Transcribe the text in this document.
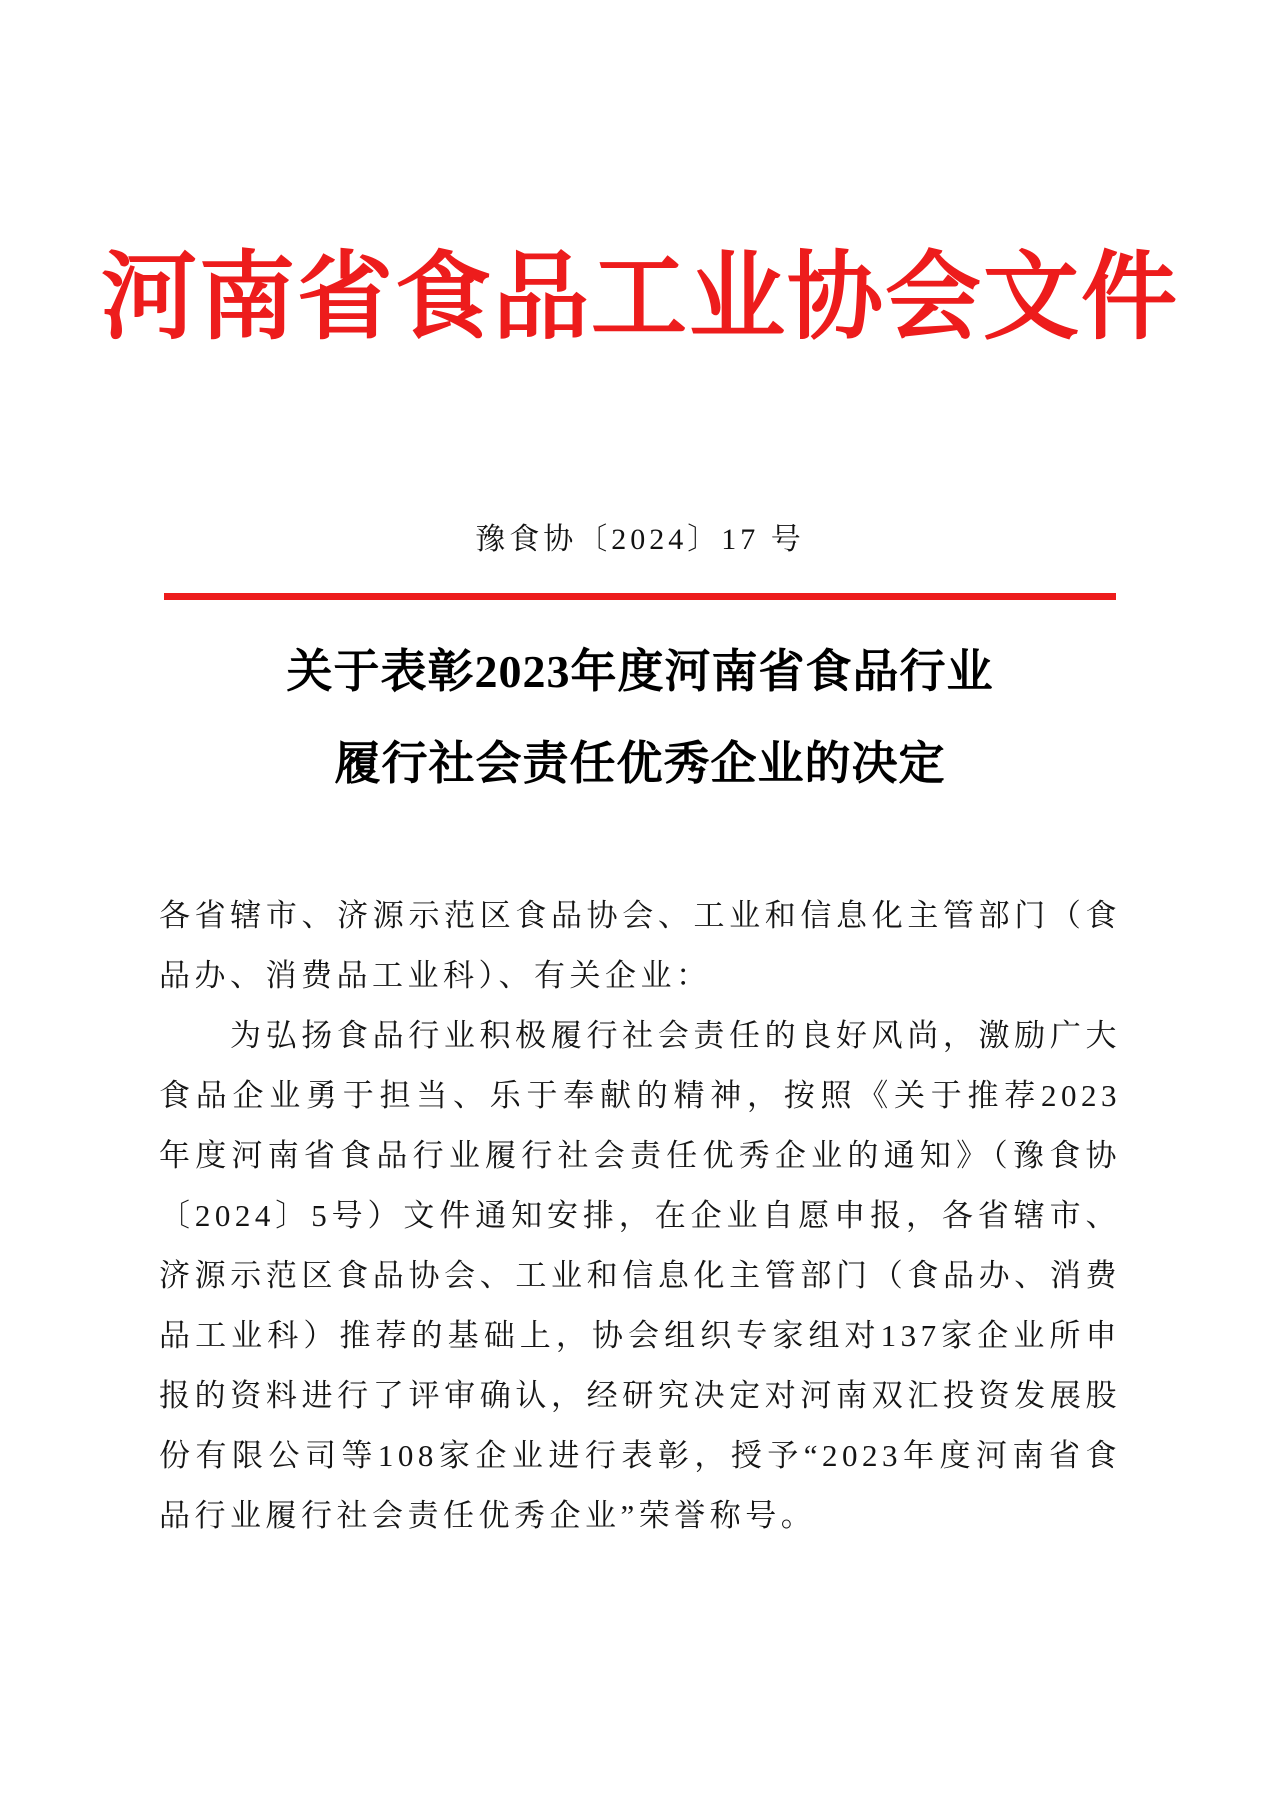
河南省食品工业协会文件
豫食协〔2024〕17 号
关于表彰2023年度河南省食品行业
履行社会责任优秀企业的决定

各省辖市、济源示范区食品协会、工业和信息化主管部门（食品办、消费品工业科）、有关企业：

为弘扬食品行业积极履行社会责任的良好风尚，激励广大食品企业勇于担当、乐于奉献的精神，按照《关于推荐2023年度河南省食品行业履行社会责任优秀企业的通知》（豫食协〔2024〕5号）文件通知安排，在企业自愿申报，各省辖市、济源示范区食品协会、工业和信息化主管部门（食品办、消费品工业科）推荐的基础上，协会组织专家组对137家企业所申报的资料进行了评审确认，经研究决定对河南双汇投资发展股份有限公司等108家企业进行表彰，授予“2023年度河南省食品行业履行社会责任优秀企业”荣誉称号。
